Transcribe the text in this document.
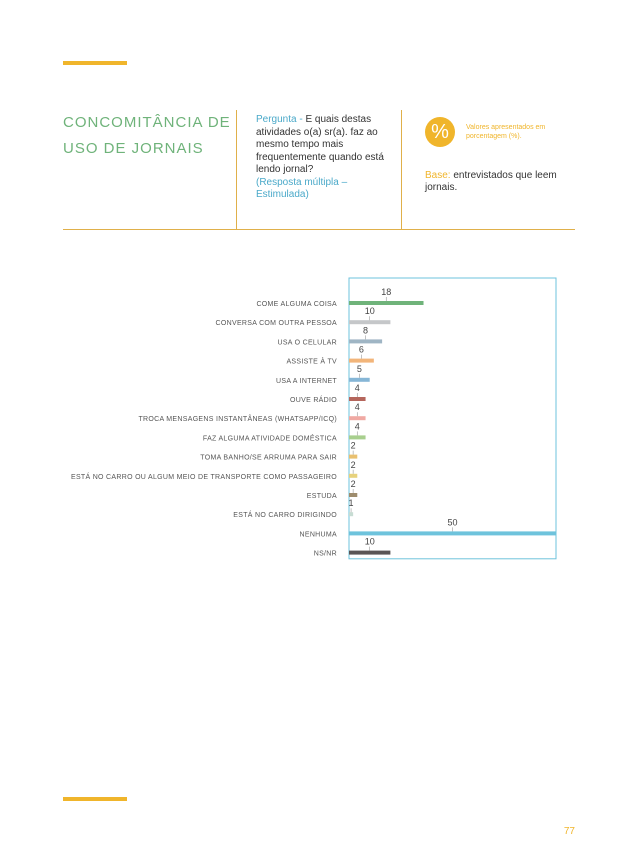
CONCOMITÂNCIA DE USO DE JORNAIS
Pergunta - E quais destas atividades o(a) sr(a). faz ao mesmo tempo mais frequentemente quando está lendo jornal?
(Resposta múltipla – Estimulada)
%	Valores apresentados em porcentagem (%).
Base: entrevistados que leem jornais.
18
COME ALGUMA COISA
10
CONVERSA COM OUTRA PESSOA
8
USA O CELULAR
6
ASSISTE À TV
5
USA A INTERNET
4
OUVE RÁDIO
4
TROCA MENSAGENS INSTANTÂNEAS (WHATSAPP/ICQ)
4
FAZ ALGUMA ATIVIDADE DOMÉSTICA
2
TOMA BANHO/SE ARRUMA PARA SAIR
2
ESTÁ NO CARRO OU ALGUM MEIO DE TRANSPORTE COMO PASSAGEIRO
2
ESTUDA
1
ESTÁ NO CARRO DIRIGINDO
50
NENHUMA
10
NS/NR
77
